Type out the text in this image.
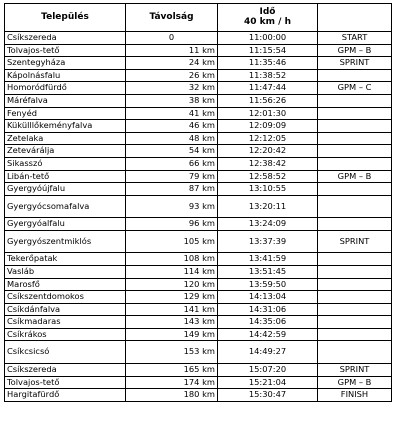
Település	Távolság	Idő
40 km / h	

Csíkszereda	0	11:00:00	START
Tolvajos-tető	11 km	11:15:54	GPM – B
Szentegyháza	24 km	11:35:46	SPRINT
Kápolnásfalu	26 km	11:38:52	
Homoródfürdő	32 km	11:47:44	GPM – C
Máréfalva	38 km	11:56:26	
Fenyéd	41 km	12:01:30	
Kükülllőkeményfalva	46 km	12:09:09	
Zetelaka	48 km	12:12:05	
Zetevárálja	54 km	12:20:42	
Sikasszó	66 km	12:38:42	
Libán-tető	79 km	12:58:52	GPM – B
Gyergyóújfalu	87 km	13:10:55	
Gyergyócsomafalva	93 km	13:20:11	
Gyergyóalfalu	96 km	13:24:09	
Gyergyószentmiklós	105 km	13:37:39	SPRINT
Tekerőpatak	108 km	13:41:59	
Vasláb	114 km	13:51:45	
Marosfő	120 km	13:59:50	
Csíkszentdomokos	129 km	14:13:04	
Csíkdánfalva	141 km	14:31:06	
Csíkmadaras	143 km	14:35:06	
Csíkrákos	149 km	14:42:59	
Csíkcsicsó	153 km	14:49:27	
Csíkszereda	165 km	15:07:20	SPRINT
Tolvajos-tető	174 km	15:21:04	GPM – B
Hargitafürdő	180 km	15:30:47	FINISH
